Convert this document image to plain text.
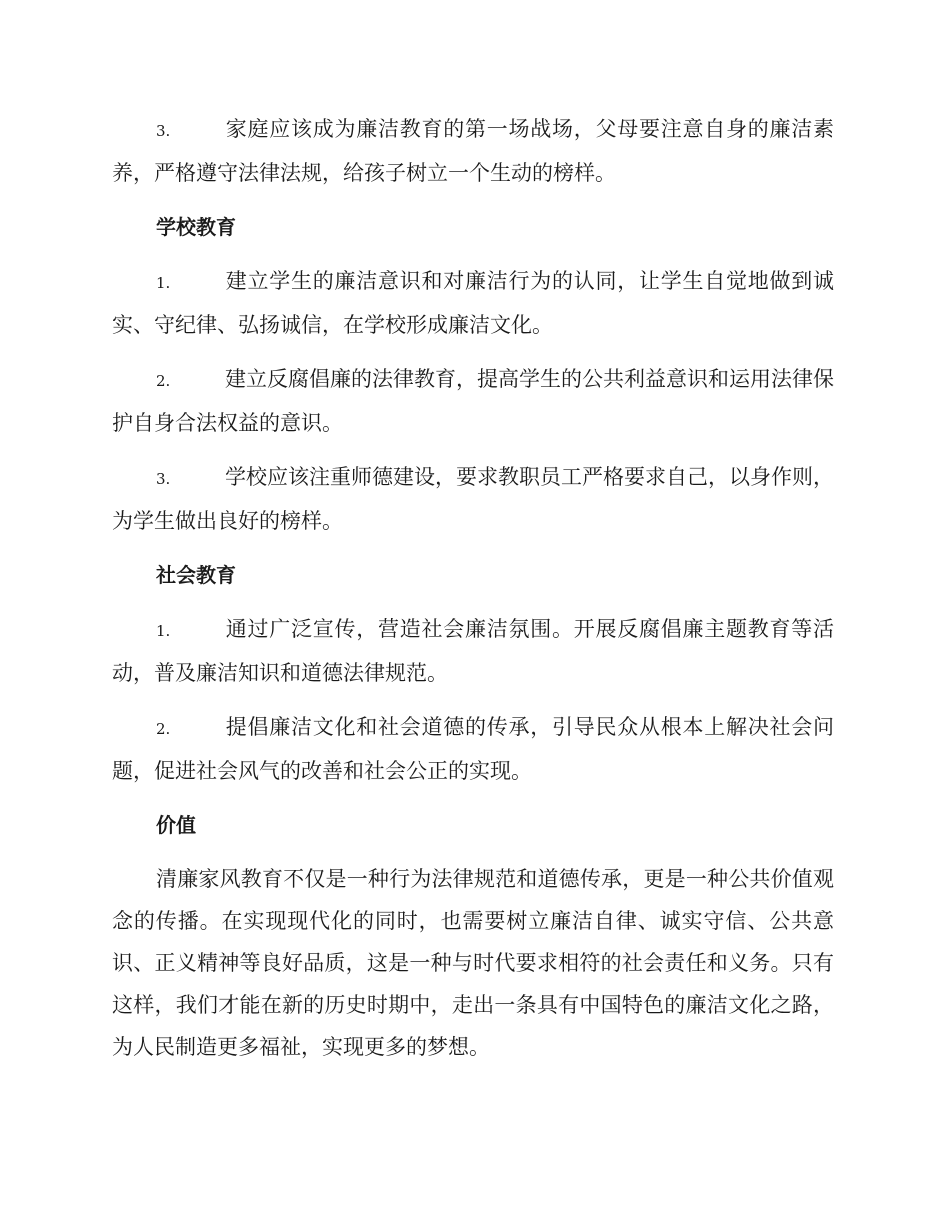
3.	家庭应该成为廉洁教育的第一场战场，父母要注意自身的廉洁素养，严格遵守法律法规，给孩子树立一个生动的榜样。

学校教育

1.	建立学生的廉洁意识和对廉洁行为的认同，让学生自觉地做到诚实、守纪律、弘扬诚信，在学校形成廉洁文化。

2.	建立反腐倡廉的法律教育，提高学生的公共利益意识和运用法律保护自身合法权益的意识。

3.	学校应该注重师德建设，要求教职员工严格要求自己，以身作则，为学生做出良好的榜样。

社会教育

1.	通过广泛宣传，营造社会廉洁氛围。开展反腐倡廉主题教育等活动，普及廉洁知识和道德法律规范。

2.	提倡廉洁文化和社会道德的传承，引导民众从根本上解决社会问题，促进社会风气的改善和社会公正的实现。

价值

清廉家风教育不仅是一种行为法律规范和道德传承，更是一种公共价值观念的传播。在实现现代化的同时，也需要树立廉洁自律、诚实守信、公共意识、正义精神等良好品质，这是一种与时代要求相符的社会责任和义务。只有这样，我们才能在新的历史时期中，走出一条具有中国特色的廉洁文化之路，为人民制造更多福祉，实现更多的梦想。
